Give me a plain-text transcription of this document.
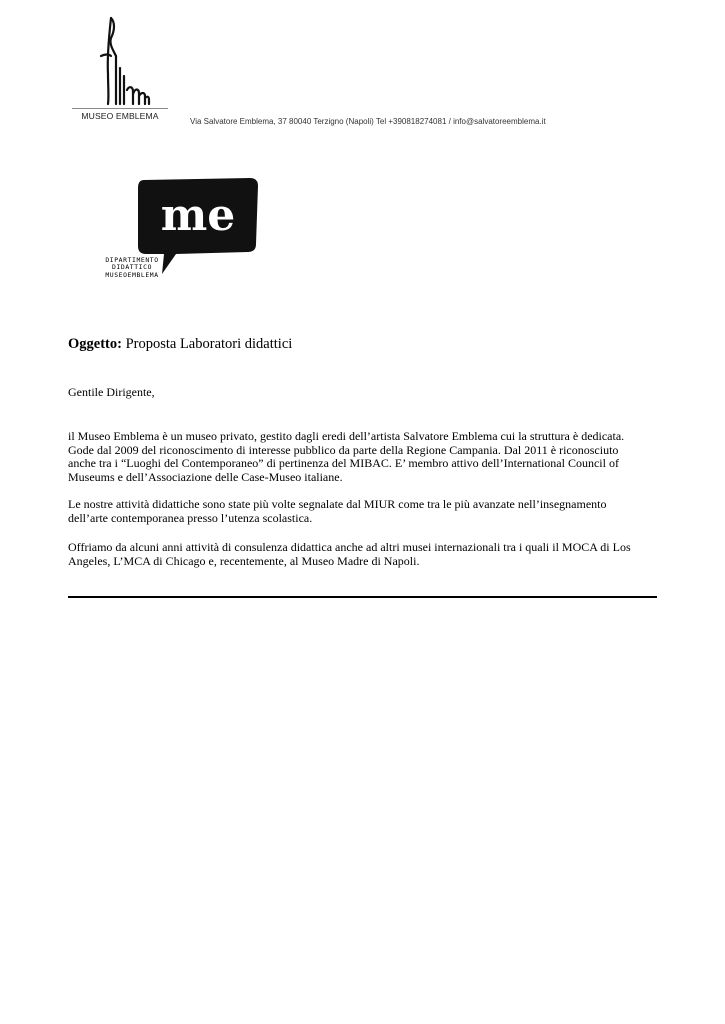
MUSEO EMBLEMA
Via Salvatore Emblema, 37 80040 Terzigno (Napoli) Tel +390818274081 / info@salvatoreemblema.it
me
DIPARTIMENTO
DIDATTICO
MUSEOEMBLEMA
Oggetto: Proposta Laboratori didattici
Gentile Dirigente,
il Museo Emblema è un museo privato, gestito dagli eredi dell’artista Salvatore Emblema cui la struttura è dedicata.
Gode dal 2009 del riconoscimento di interesse pubblico da parte della Regione Campania. Dal 2011 è riconosciuto
anche tra i “Luoghi del Contemporaneo” di pertinenza del MIBAC. E’ membro attivo dell’International Council of
Museums e dell’Associazione delle Case-Museo italiane.
Le nostre attività didattiche sono state più volte segnalate dal MIUR come tra le più avanzate nell’insegnamento
dell’arte contemporanea presso l’utenza scolastica.
Offriamo da alcuni anni attività di consulenza didattica anche ad altri musei internazionali tra i quali il MOCA di Los
Angeles, L’MCA di Chicago e, recentemente, al Museo Madre di Napoli.
